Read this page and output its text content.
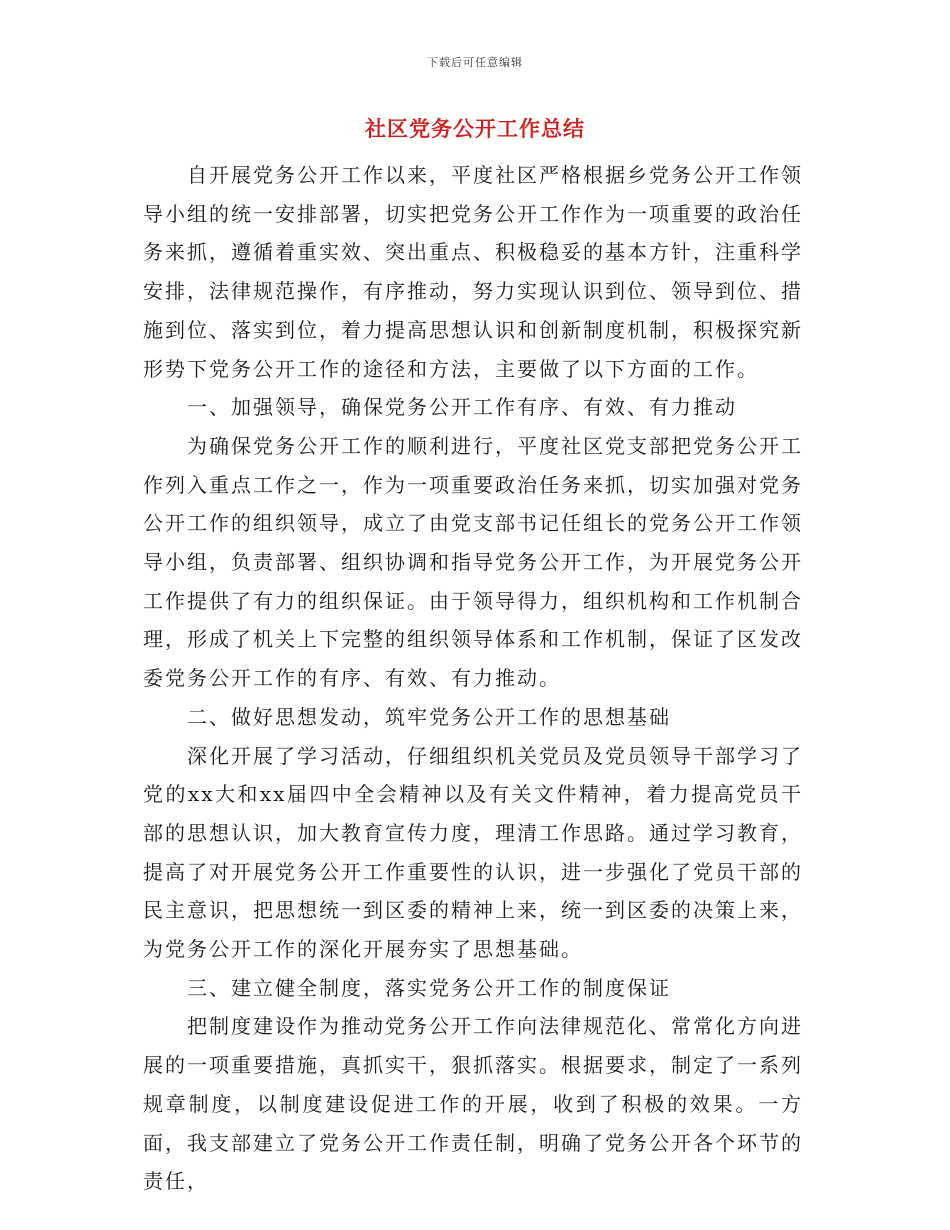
下载后可任意编辑
社区党务公开工作总结

自开展党务公开工作以来，平度社区严格根据乡党务公开工作领导小组的统一安排部署，切实把党务公开工作作为一项重要的政治任务来抓，遵循着重实效、突出重点、积极稳妥的基本方针，注重科学安排，法律规范操作，有序推动，努力实现认识到位、领导到位、措施到位、落实到位，着力提高思想认识和创新制度机制，积极探究新形势下党务公开工作的途径和方法，主要做了以下方面的工作。

一、加强领导，确保党务公开工作有序、有效、有力推动

为确保党务公开工作的顺利进行，平度社区党支部把党务公开工作列入重点工作之一，作为一项重要政治任务来抓，切实加强对党务公开工作的组织领导，成立了由党支部书记任组长的党务公开工作领导小组，负责部署、组织协调和指导党务公开工作，为开展党务公开工作提供了有力的组织保证。由于领导得力，组织机构和工作机制合理，形成了机关上下完整的组织领导体系和工作机制，保证了区发改委党务公开工作的有序、有效、有力推动。

二、做好思想发动，筑牢党务公开工作的思想基础

深化开展了学习活动，仔细组织机关党员及党员领导干部学习了党的xx大和xx届四中全会精神以及有关文件精神，着力提高党员干部的思想认识，加大教育宣传力度，理清工作思路。通过学习教育，提高了对开展党务公开工作重要性的认识，进一步强化了党员干部的民主意识，把思想统一到区委的精神上来，统一到区委的决策上来，为党务公开工作的深化开展夯实了思想基础。

三、建立健全制度，落实党务公开工作的制度保证

把制度建设作为推动党务公开工作向法律规范化、常常化方向进展的一项重要措施，真抓实干，狠抓落实。根据要求，制定了一系列规章制度，以制度建设促进工作的开展，收到了积极的效果。一方面，我支部建立了党务公开工作责任制，明确了党务公开各个环节的责任，
